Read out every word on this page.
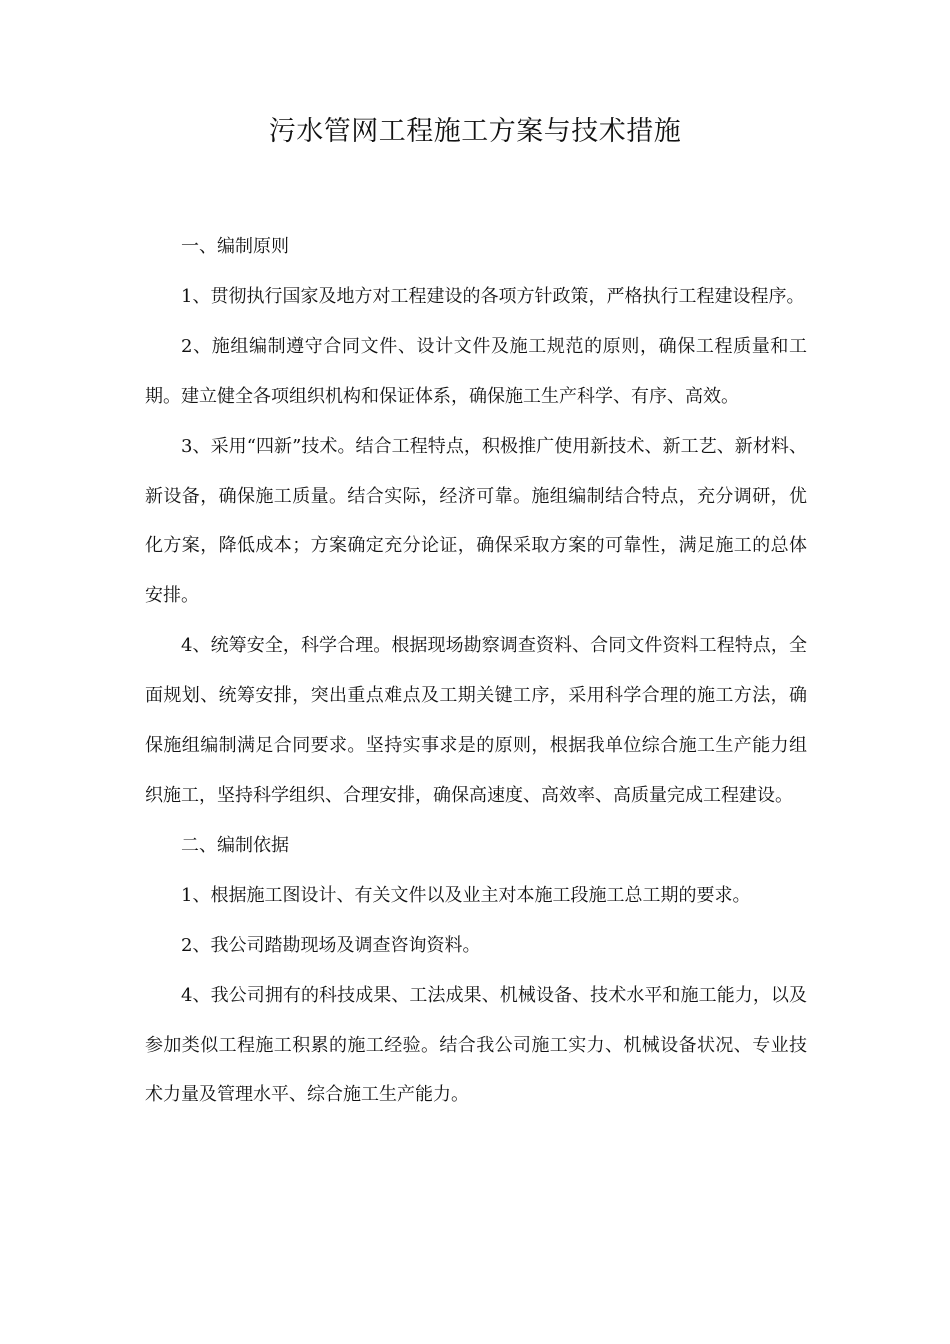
污水管网工程施工方案与技术措施

一、编制原则

1、贯彻执行国家及地方对工程建设的各项方针政策，严格执行工程建设程序。

2、施组编制遵守合同文件、设计文件及施工规范的原则，确保工程质量和工期。建立健全各项组织机构和保证体系，确保施工生产科学、有序、高效。

3、采用“四新”技术。结合工程特点，积极推广使用新技术、新工艺、新材料、新设备，确保施工质量。结合实际，经济可靠。施组编制结合特点，充分调研，优化方案，降低成本；方案确定充分论证，确保采取方案的可靠性，满足施工的总体安排。

4、统筹安全，科学合理。根据现场勘察调查资料、合同文件资料工程特点，全面规划、统筹安排，突出重点难点及工期关键工序，采用科学合理的施工方法，确保施组编制满足合同要求。坚持实事求是的原则，根据我单位综合施工生产能力组织施工，坚持科学组织、合理安排，确保高速度、高效率、高质量完成工程建设。

二、编制依据

1、根据施工图设计、有关文件以及业主对本施工段施工总工期的要求。

2、我公司踏勘现场及调查咨询资料。

4、我公司拥有的科技成果、工法成果、机械设备、技术水平和施工能力，以及参加类似工程施工积累的施工经验。结合我公司施工实力、机械设备状况、专业技术力量及管理水平、综合施工生产能力。
